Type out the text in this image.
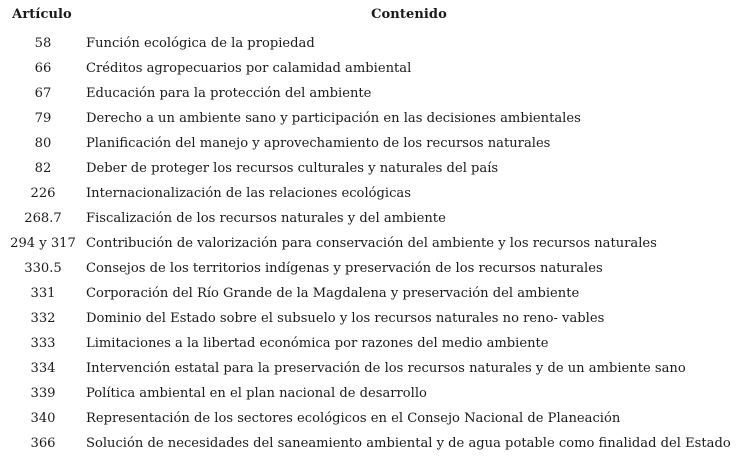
Artículo	Contenido
58	Función ecológica de la propiedad
66	Créditos agropecuarios por calamidad ambiental
67	Educación para la protección del ambiente
79	Derecho a un ambiente sano y participación en las decisiones ambientales
80	Planificación del manejo y aprovechamiento de los recursos naturales
82	Deber de proteger los recursos culturales y naturales del país
226	Internacionalización de las relaciones ecológicas
268.7	Fiscalización de los recursos naturales y del ambiente
294 y 317 Contribución de valorización para conservación del ambiente y los recursos naturales
330.5	Consejos de los territorios indígenas y preservación de los recursos naturales
331	Corporación del Río Grande de la Magdalena y preservación del ambiente
332	Dominio del Estado sobre el subsuelo y los recursos naturales no reno- vables
333	Limitaciones a la libertad económica por razones del medio ambiente
334	Intervención estatal para la preservación de los recursos naturales y de un ambiente sano
339	Política ambiental en el plan nacional de desarrollo
340	Representación de los sectores ecológicos en el Consejo Nacional de Planeación
366	Solución de necesidades del saneamiento ambiental y de agua potable como finalidad del Estado
